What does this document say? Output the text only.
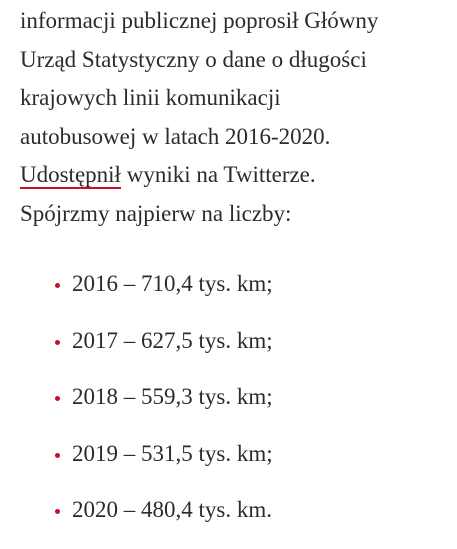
informacji publicznej poprosił Główny
Urząd Statystyczny o dane o długości
krajowych linii komunikacji
autobusowej w latach 2016-2020.
Udostępnił wyniki na Twitterze.
Spójrzmy najpierw na liczby:

2016 – 710,4 tys. km;
2017 – 627,5 tys. km;
2018 – 559,3 tys. km;
2019 – 531,5 tys. km;
2020 – 480,4 tys. km.
